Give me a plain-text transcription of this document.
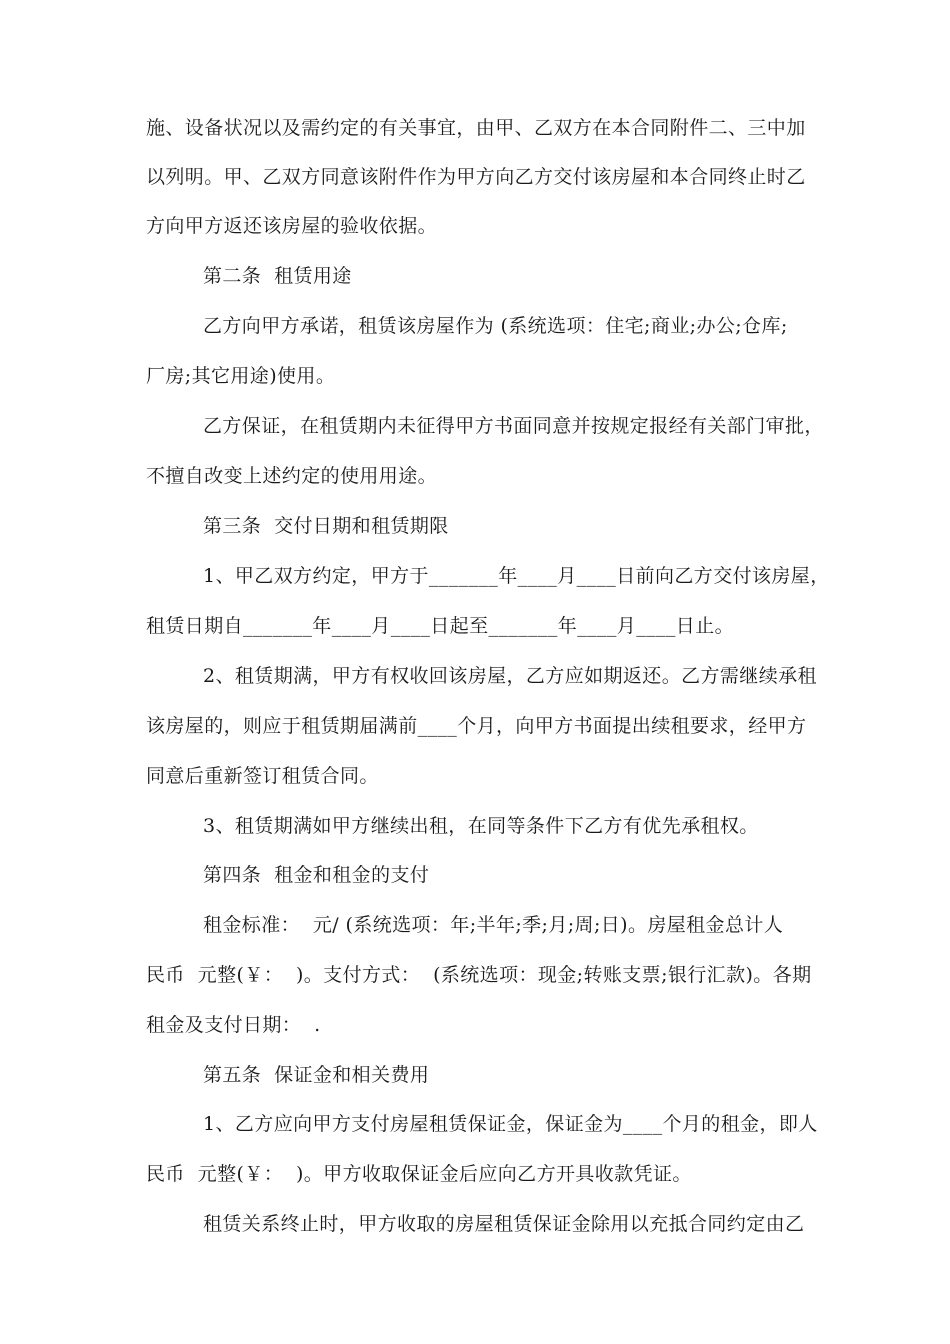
施、设备状况以及需约定的有关事宜，由甲、乙双方在本合同附件二、三中加
以列明。甲、乙双方同意该附件作为甲方向乙方交付该房屋和本合同终止时乙
方向甲方返还该房屋的验收依据。
第二条  租赁用途
乙方向甲方承诺，租赁该房屋作为 (系统选项：住宅;商业;办公;仓库;
厂房;其它用途)使用。
乙方保证，在租赁期内未征得甲方书面同意并按规定报经有关部门审批，
不擅自改变上述约定的使用用途。
第三条  交付日期和租赁期限
1、甲乙双方约定，甲方于_______年____月____日前向乙方交付该房屋，
租赁日期自_______年____月____日起至_______年____月____日止。
2、租赁期满，甲方有权收回该房屋，乙方应如期返还。乙方需继续承租
该房屋的，则应于租赁期届满前____个月，向甲方书面提出续租要求，经甲方
同意后重新签订租赁合同。
3、租赁期满如甲方继续出租，在同等条件下乙方有优先承租权。
第四条  租金和租金的支付
租金标准：  元/ (系统选项：年;半年;季;月;周;日)。房屋租金总计人
民币  元整(￥：  )。支付方式：  (系统选项：现金;转账支票;银行汇款)。各期
租金及支付日期：  .
第五条  保证金和相关费用
1、乙方应向甲方支付房屋租赁保证金，保证金为____个月的租金，即人
民币  元整(￥：  )。甲方收取保证金后应向乙方开具收款凭证。
租赁关系终止时，甲方收取的房屋租赁保证金除用以充抵合同约定由乙
